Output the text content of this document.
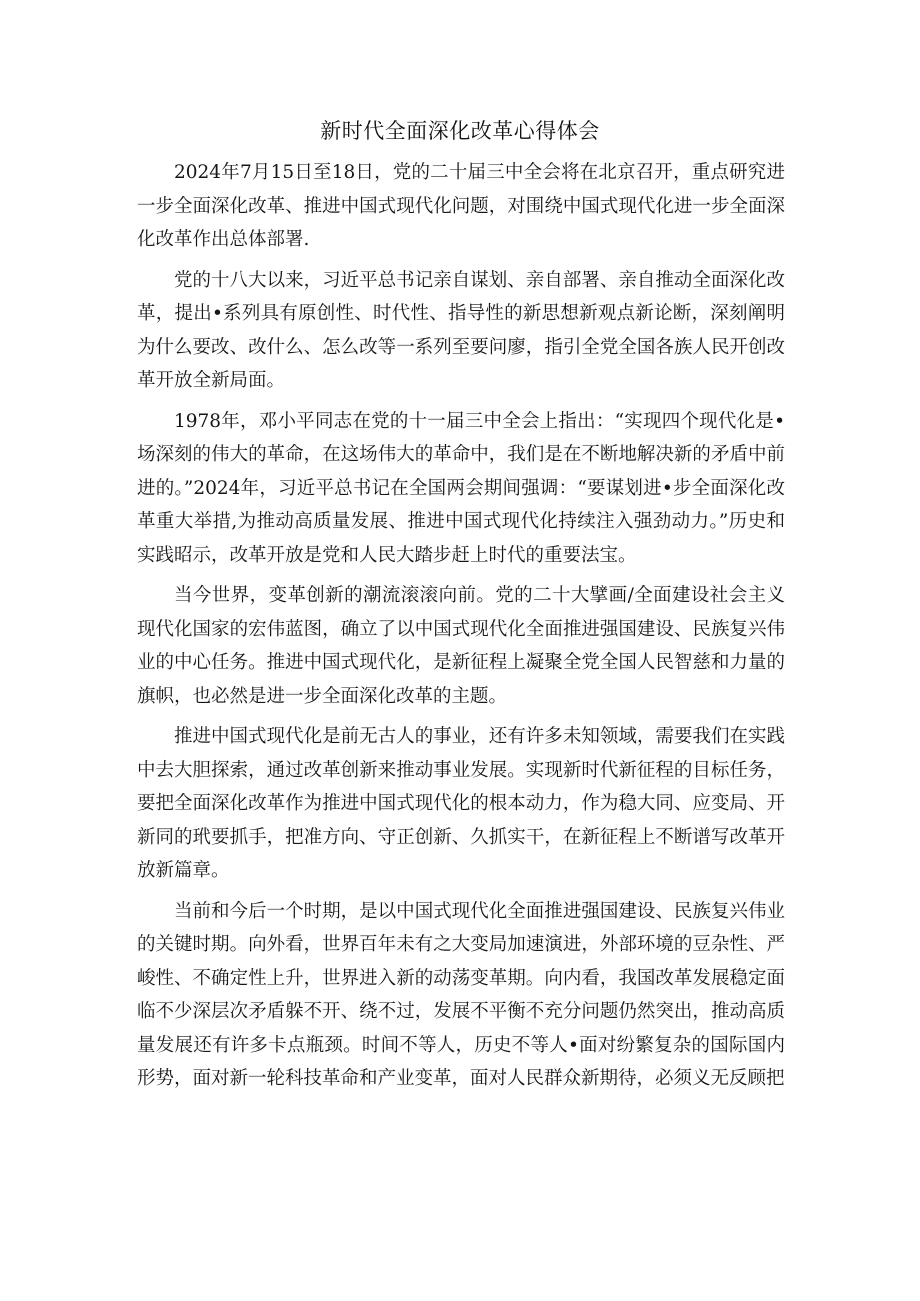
新时代全面深化改革心得体会

2024年7月15日至18日，党的二十届三中全会将在北京召开，重点研究进一步全面深化改革、推进中国式现代化问题，对围绕中国式现代化进一步全面深化改革作出总体部署.

党的十八大以来，习近平总书记亲自谋划、亲自部署、亲自推动全面深化改革，提出•系列具有原创性、时代性、指导性的新思想新观点新论断，深刻阐明为什么要改、改什么、怎么改等一系列至要问廖，指引全党全国各族人民开创改革开放全新局面。

1978年，邓小平同志在党的十一届三中全会上指出：“实现四个现代化是•场深刻的伟大的革命，在这场伟大的革命中，我们是在不断地解决新的矛盾中前进的。”2024年，习近平总书记在全国两会期间强调：“要谋划进•步全面深化改革重大举措,为推动高质量发展、推进中国式现代化持续注入强劲动力。”历史和实践昭示，改革开放是党和人民大踏步赶上时代的重要法宝。

当今世界，变革创新的潮流滚滚向前。党的二十大擘画/全面建设社会主义现代化国家的宏伟蓝图，确立了以中国式现代化全面推进强国建设、民族复兴伟业的中心任务。推进中国式现代化，是新征程上凝聚全党全国人民智慈和力量的旗帜，也必然是进一步全面深化改革的主题。

推进中国式现代化是前无古人的事业，还有许多未知领域，需要我们在实践中去大胆探索，通过改革创新来推动事业发展。实现新时代新征程的目标任务，要把全面深化改革作为推进中国式现代化的根本动力，作为稳大同、应变局、开新同的玳要抓手，把准方向、守正创新、久抓实干，在新征程上不断谱写改革开放新篇章。

当前和今后一个时期，是以中国式现代化全面推进强国建设、民族复兴伟业的关键时期。向外看，世界百年未有之大变局加速演进，外部环境的豆杂性、严峻性、不确定性上升，世界进入新的动荡变革期。向内看，我国改革发展稳定面临不少深层次矛盾躲不开、绕不过，发展不平衡不充分问题仍然突出，推动高质量发展还有许多卡点瓶颈。时间不等人，历史不等人•面对纷繁复杂的国际国内形势，面对新一轮科技革命和产业变革，面对人民群众新期待，必须义无反顾把
